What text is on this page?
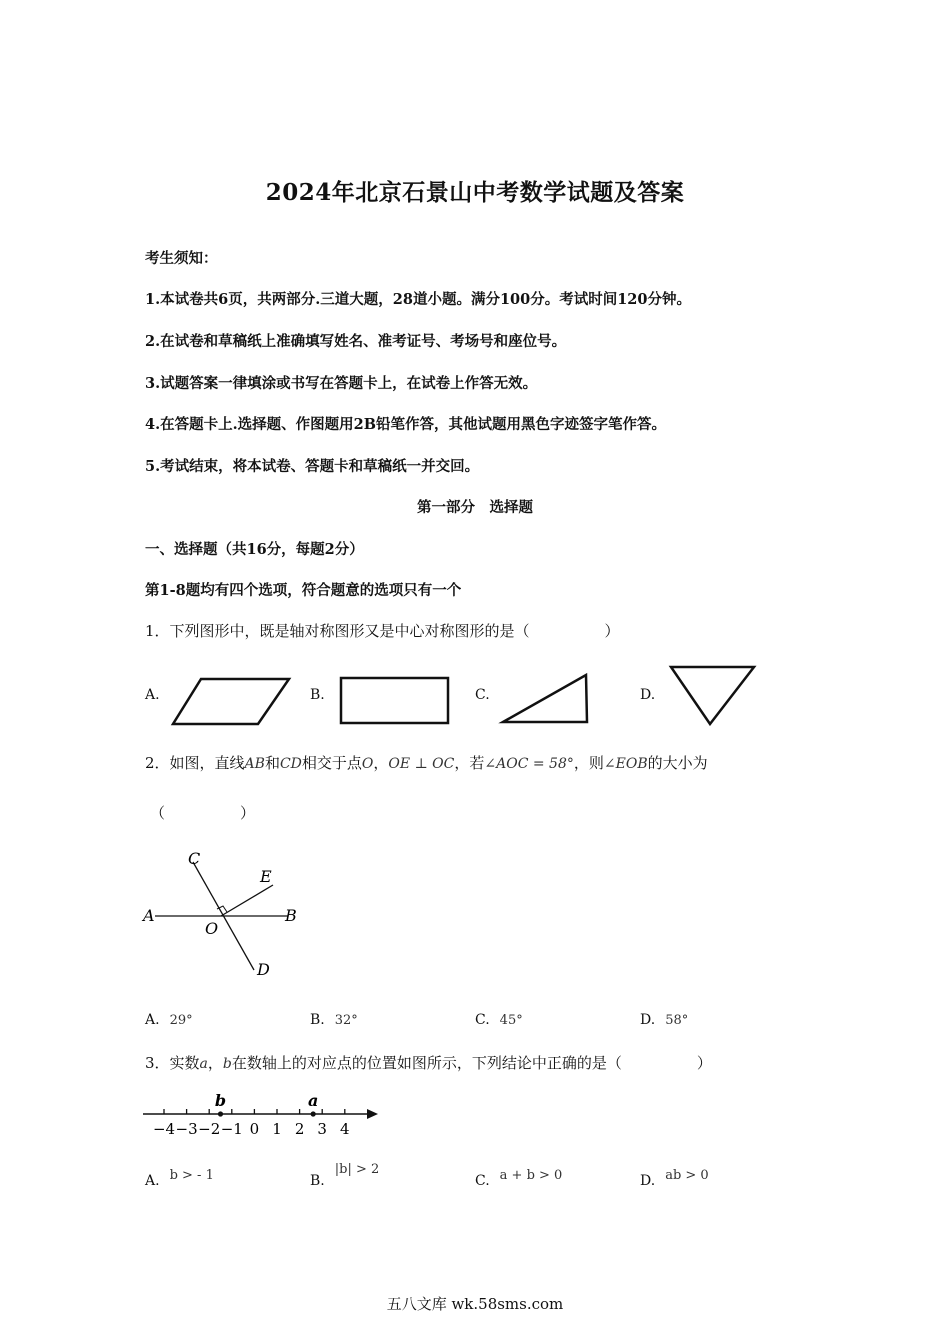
2024年北京石景山中考数学试题及答案
考生须知：
1.本试卷共6页，共两部分.三道大题，28道小题。满分100分。考试时间120分钟。
2.在试卷和草稿纸上准确填写姓名、准考证号、考场号和座位号。
3.试题答案一律填涂或书写在答题卡上，在试卷上作答无效。
4.在答题卡上.选择题、作图题用2B铅笔作答，其他试题用黑色字迹签字笔作答。
5.考试结束，将本试卷、答题卡和草稿纸一并交回。
第一部分　选择题
一、选择题（共16分，每题2分）
第1-8题均有四个选项，符合题意的选项只有一个
1．下列图形中，既是轴对称图形又是中心对称图形的是（　　　　　）
A.	B.	C.	D.
2．如图，直线AB和CD相交于点O，OE ⊥ OC，若∠AOC = 58°，则∠EOB的大小为
（　　　　　）
C
E
A	B
O
D
A. 29°	B. 32°	C. 45°	D. 58°
3．实数a，b在数轴上的对应点的位置如图所示，下列结论中正确的是（　　　　　）
−4 −3 −2 −1 0 1 2 3 4
b	a
A. b > - 1	B.|b| > 2
C. a + b > 0	D. ab > 0
五八文库 wk.58sms.com
